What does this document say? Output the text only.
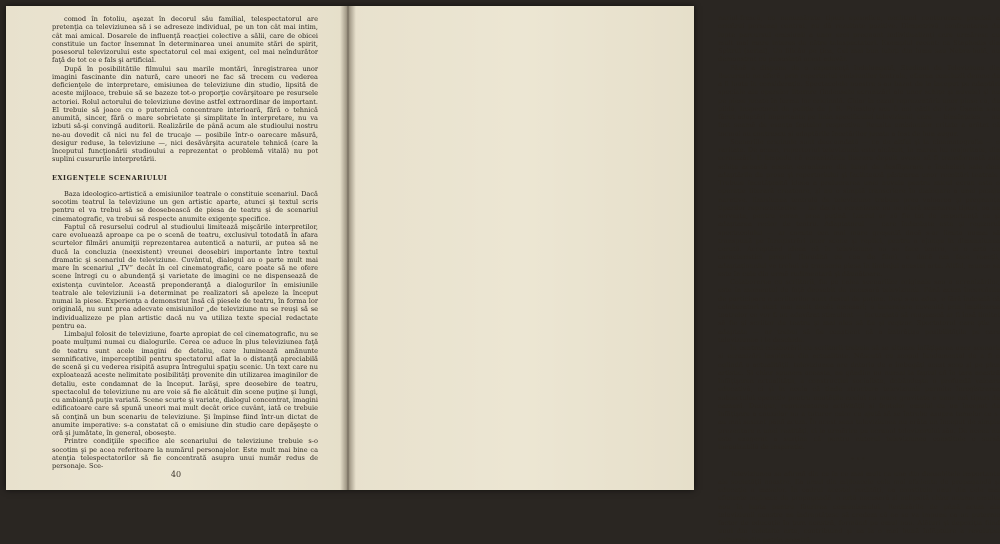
comod în fotoliu, aşezat în decorul său familial, telespectatorul are pretenţia ca televiziunea să i se adreseze individual, pe un ton cât mai intim, cât mai amical. Dosarele de influenţă reacţiei colective a sălii, care de obicei constituie un factor însemnat în determinarea unei anumite stări de spirit, posesorul televizorului este spectatorul cel mai exigent, cel mai neîndurător faţă de tot ce e fals şi artificial.

După în posibilitătile filmului sau marile montări, înregistrarea unor imagini fascinante din natură, care uneori ne fac să trecem cu vederea deficienţele de interpretare, emisiunea de televiziune din studio, lipsită de aceste mijloace, trebuie să se bazeze tot-o proporţie covârşitoare pe resursele actoriei. Rolul actorului de televiziune devine astfel extraordinar de important. El trebuie să joace cu o puternică concentrare interioară, fără o tehnică anumită, sincer, fără o mare sobrietate şi simplitate în interpretare, nu va izbuti să-şi convingă auditorii. Realizările de până acum ale studioului nostru ne-au dovedit că nici nu fel de trucaje — posibile într-o oarecare măsură, desigur reduse, la televiziune —, nici desăvârşita acuratele tehnică (care la începutul funcţionării studioului a reprezentat o problemă vitală) nu pot suplini cusururile interpretării.

EXIGENŢELE SCENARIULUI

Baza ideologico-artistică a emisiunilor teatrale o constituie scenariul. Dacă socotim teatrul la televiziune un gen artistic aparte, atunci şi textul scris pentru el va trebui să se deosebească de piesa de teatru şi de scenariul cinematografic, va trebui să respecte anumite exigenţe specifice.

Faptul că resurselui codrul al studioului limitează mişcările interpretilor, care evoluează aproape ca pe o scenă de teatru, exclusivul totodată în afara scurtelor filmări anumiţii reprezentarea autentică a naturii, ar putea să ne ducă la concluzia (neexistent) vreunei deosebiri importante între textul dramatic şi scenariul de televiziune. Cuvântul, dialogul au o parte mult mai mare în scenariul „TV” decât în cel cinematografic, care poate să ne ofere scene întregi cu o abundenţă şi varietate de imagini ce ne dispensează de existenţa cuvintelor. Această preponderanţă a dialogurilor în emisiunile teatrale ale televiziunii i-a determinat pe realizatori să apeleze la început numai la piese. Experienţa a demonstrat însă că piesele de teatru, în forma lor originală, nu sunt prea adecvate emisiunilor „de televiziune nu se reuşi să se individualizeze pe plan artistic dacă nu va utiliza texte special redactate pentru ea.

Limbajul folosit de televiziune, foarte apropiat de cel cinematografic, nu se poate mulţumi numai cu dialogurile. Cerea ce aduce în plus televiziunea faţă de teatru sunt acele imagini de detaliu, care luminează amănunte semnificative, imperceptibil pentru spectatorul aflat la o distanţă apreciabilă de scenă şi cu vederea risipită asupra întregului spaţiu scenic. Un text care nu exploatează aceste nelimitate posibilităţi provenite din utilizarea imaginilor de detaliu, este condamnat de la început. Iarăşi, spre deosebire de teatru, spectacolul de televiziune nu are voie să fie alcătuit din scene puţine şi lungi, cu ambianţă puţin variată. Scene scurte şi variate, dialogul concentrat, imagini edificatoare care să spună uneori mai mult decât orice cuvânt, iată ce trebuie să conţină un bun scenariu de televiziune. Şi împinse fiind într-un dictat de anumite imperative: s-a constatat că o emisiune din studio care depăşeşte o oră şi jumătate, în general, obosește.

Printre condiţiile specifice ale scenariului de televiziune trebuie s-o socotim şi pe acea referitoare la numărul personajelor. Este mult mai bine ca atenţia telespectatorilor să fie concentrată asupra unui număr redus de personaje. Sce-

40

nariul-frescă, cu nenumărate tipuri episodice, neclitind contururare precisă a oricărui personaj centrat, nu dă rezultate pozitive. Dimpotrivă, confruntarea de lupte parcursul emisiunii a unor eroi pregnant individualizaţi care urmăresc cu mult mai mare interes de către telespectatori. Exemplul recent: ca Staphedis din Spitrul (serial), Un filicău pe ţica, Cel mai bun iubiţi din lume sau Nebra-bulă, au demonstrat cu prisosinţă acest adevăr.

Până a dispune de o experienţă îndelungată, Studioul de Televiziune din Bucureşti ne oferă, prin repertoriul emisiunilor teatrale, ofierea concluzii demne de a fi luate în consideraţie. Spectacolele noastre s-au bazat de la început pe adaptări speciale ale operelor literare (îndeosebi ecranizări ale unor schiţe şi nuvele) şi nu pe piese jucate în forma lor originală. Chiar în cazul reprezentării unor piese ca, de pildă, Inspectorul de poliţie de J. B. Priestley sau Îi noi gâtil de Lev Oşanin s-au făcut adaptări importante pe linia specificului televiziunii, care — bineînţeles — au fost seamă de esenţa faptelor respective. Reuşita emisiunilor critate a arătat că tocmai au contrescu şi adaptările încetărilor jucate a fost de bun augur.

Scenariile originale sunt deocamdată — ca de altfel şi la cinematografie — o raritate. De aceea, repertoriul televiziunii este alcătuit, în marea lui majoritate, din ecranizări. E limpede că ecranizările literare depuit aveau să fi transformată sub schiţe această acesta ecranizare din lungi de desfăşurare a încheieri sale deci adaptările de prose şi repertoriului şi facilitează păstrarea unor recoltări teatrale. Trebuie încetăţenită ideea a prelucrarea unei nuvele pentru micul ecran este o operaţie literară creatoare, şi nu o simplă transcriere în dialogare a unei pasaje narative. Emisiunea teatrală de televiziune trebuie prea valoarea şi pregnanţa tiparilor reprezentative — iar dacă o ecranizare nu ne oferă semnarea tipuri, ea ne serveşte, pentru ecran, prea puţină. Lucrul ar să fie tot de importanţă ce şi adaptarea reclor de teatru. Adaptatorul — care îndeobşte este şi regizorul spectacolului — ar comite cea mai mare greşeală dacă s-ar limita numai să transpună pe înregistrări unor scene şi replici, pentru a ajunge la dimensiunea cerută. Acceptând ideea că în televiziune nu se face teatru, ci o artă cu caracteristici proprii (înrudită cu cea de film), e dacă am face reacţii, adaptaţionalul va trebui să transcrie piesa în limbajul acestei arte. Altfel, munca sa este în cele din urmă rudimentară şi dăunătoare.

Colaborarea cu scriitorii, fie pe calea scenariilor originale sau a ecranizărilor, este în momentul de faţă deosebit de necesară televiziunii. Până acum încercările de participare a scriitorilor sunt destul de puţine. Deşi s-au adus, e fără îndoială că colaboratori sunt mai mult decât necesari; o încurajare cuvenită prin implicarea teatrelor ce vor fi un adevărat stimulent — încurajată să reuşească ar fi însă limitat să fie şi scriitor de teatru şi mai ales să fie şi regizor. Spectatorul care ştie — adaptate — ar trebui să fie conştient că a îmbrăţişa posibilităţile pe care televiziunea i le deschide.

În central colaborării cu scriitorii trebuie să se situeze înfăţişarea unor scenarii şi ecranizări inspirate din actualitate. Născută cu scopul fundamental de a fi o oglindă a actualităţii, televiziunea are datoria de a îmbogăţi acest scop şi pe plan artistic. Şi chiar spunem aceasta, ne gândim nu numai la faptul că în ţara noastră înfăţişarea actualităţii, a construcţiei socialiste, dobândeşte o profundă valoare educativă, ci şi la acela că tinde structura televiziunii permite înregistrarea subiectului operativ pentru noutăţile acelui cu mare gravitate a unor noi tipuri de oameni. Desigur, reprezentarea activităţii şi faptelor omului cu un început de înfăţişare a cauzelor nu a tuturor celor ce ajută să se întrebe asupra temelor ce s-au mai sesizat până acum. În acest sens televiziunea nu arăta un început de simple prezentare a unei realităţi, ci la urmărire pe ecranul televizorului său. De aceea nu este exagerat a susţine că pentru autorul televiziunea constituie o sursă inepuizabilă de inspiraţie.

***

Televiziunea se afirmă din ce în ce mai mult ca una din deosebitele importante ale societăţii noastre. Ea umul din mijloacele cele mai eficiente de propagandă şi educaţie a maselor. În cadrul acestei realităţi, ea constituie unul din cele mai eficiente mijloace de propagandă, o artă necesară şi nelipsită chiar anume omului nou în lupta pentru făurirea comunismului. Realizările de până acum ale televiziunii noastre ne îndreptăţesc să credem că ea se va impune ca un puternic factor de educaţie în ţara noastră, formând pe omul nou. Alături şi depoziţia fiind unul din celelalte arte, contribuind şi ea la o mai bună înfăptuire a revoluţiei culturale din patria noastră.
